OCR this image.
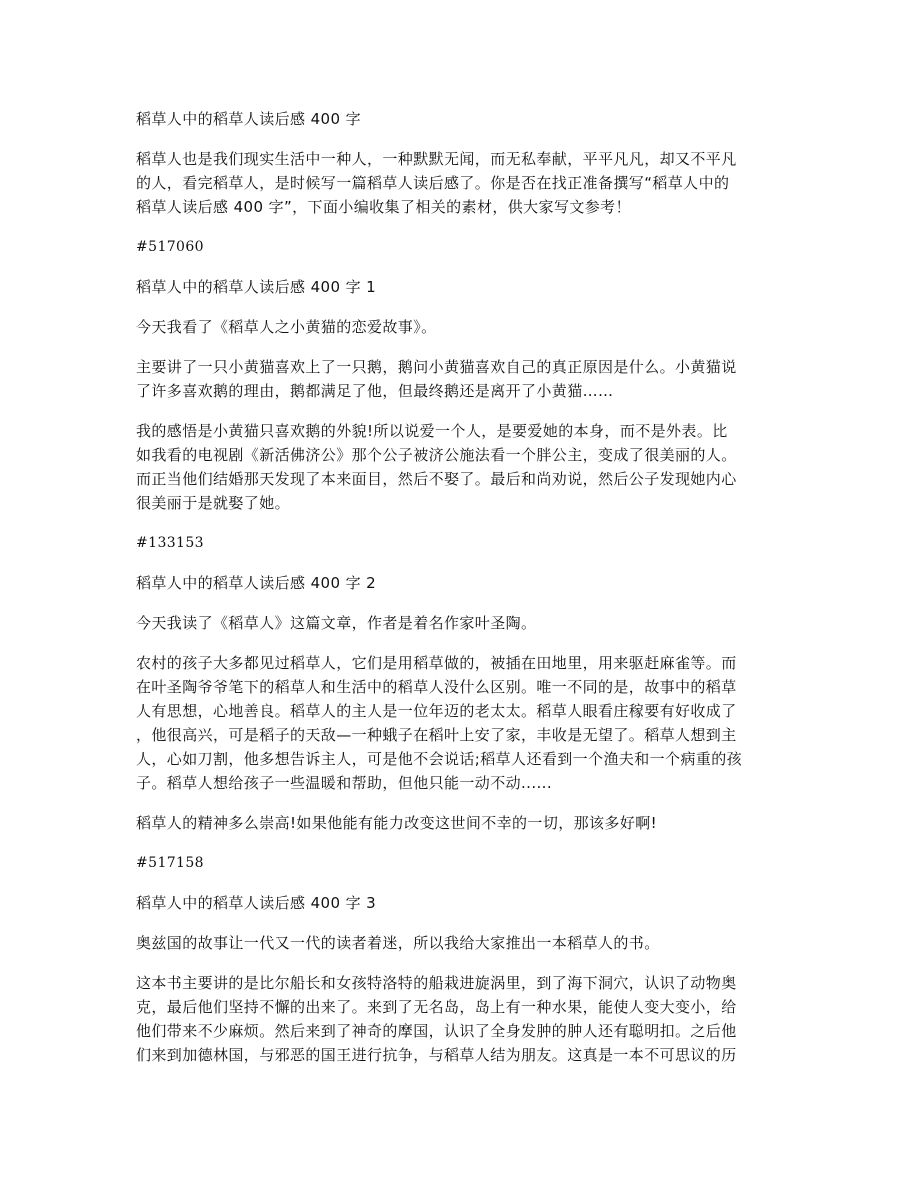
稻草人中的稻草人读后感 400 字

稻草人也是我们现实生活中一种人，一种默默无闻，而无私奉献，平平凡凡，却又不平凡
的人，看完稻草人，是时候写一篇稻草人读后感了。你是否在找正准备撰写“稻草人中的
稻草人读后感 400 字”，下面小编收集了相关的素材，供大家写文参考！

#517060

稻草人中的稻草人读后感 400 字 1

今天我看了《稻草人之小黄猫的恋爱故事》。

主要讲了一只小黄猫喜欢上了一只鹅，鹅问小黄猫喜欢自己的真正原因是什么。小黄猫说
了许多喜欢鹅的理由，鹅都满足了他，但最终鹅还是离开了小黄猫……

我的感悟是小黄猫只喜欢鹅的外貌!所以说爱一个人，是要爱她的本身，而不是外表。比
如我看的电视剧《新活佛济公》那个公子被济公施法看一个胖公主，变成了很美丽的人。
而正当他们结婚那天发现了本来面目，然后不娶了。最后和尚劝说，然后公子发现她内心
很美丽于是就娶了她。

#133153

稻草人中的稻草人读后感 400 字 2

今天我读了《稻草人》这篇文章，作者是着名作家叶圣陶。

农村的孩子大多都见过稻草人，它们是用稻草做的，被插在田地里，用来驱赶麻雀等。而
在叶圣陶爷爷笔下的稻草人和生活中的稻草人没什么区别。唯一不同的是，故事中的稻草
人有思想，心地善良。稻草人的主人是一位年迈的老太太。稻草人眼看庄稼要有好收成了
，他很高兴，可是稻子的天敌—一种蛾子在稻叶上安了家，丰收是无望了。稻草人想到主
人，心如刀割，他多想告诉主人，可是他不会说话;稻草人还看到一个渔夫和一个病重的孩
子。稻草人想给孩子一些温暖和帮助，但他只能一动不动......

稻草人的精神多么崇高!如果他能有能力改变这世间不幸的一切，那该多好啊!

#517158

稻草人中的稻草人读后感 400 字 3

奥兹国的故事让一代又一代的读者着迷，所以我给大家推出一本稻草人的书。

这本书主要讲的是比尔船长和女孩特洛特的船栽进旋涡里，到了海下洞穴，认识了动物奥
克，最后他们坚持不懈的出来了。来到了无名岛，岛上有一种水果，能使人变大变小，给
他们带来不少麻烦。然后来到了神奇的摩国，认识了全身发肿的肿人还有聪明扣。之后他
们来到加德林国，与邪恶的国王进行抗争，与稻草人结为朋友。这真是一本不可思议的历
